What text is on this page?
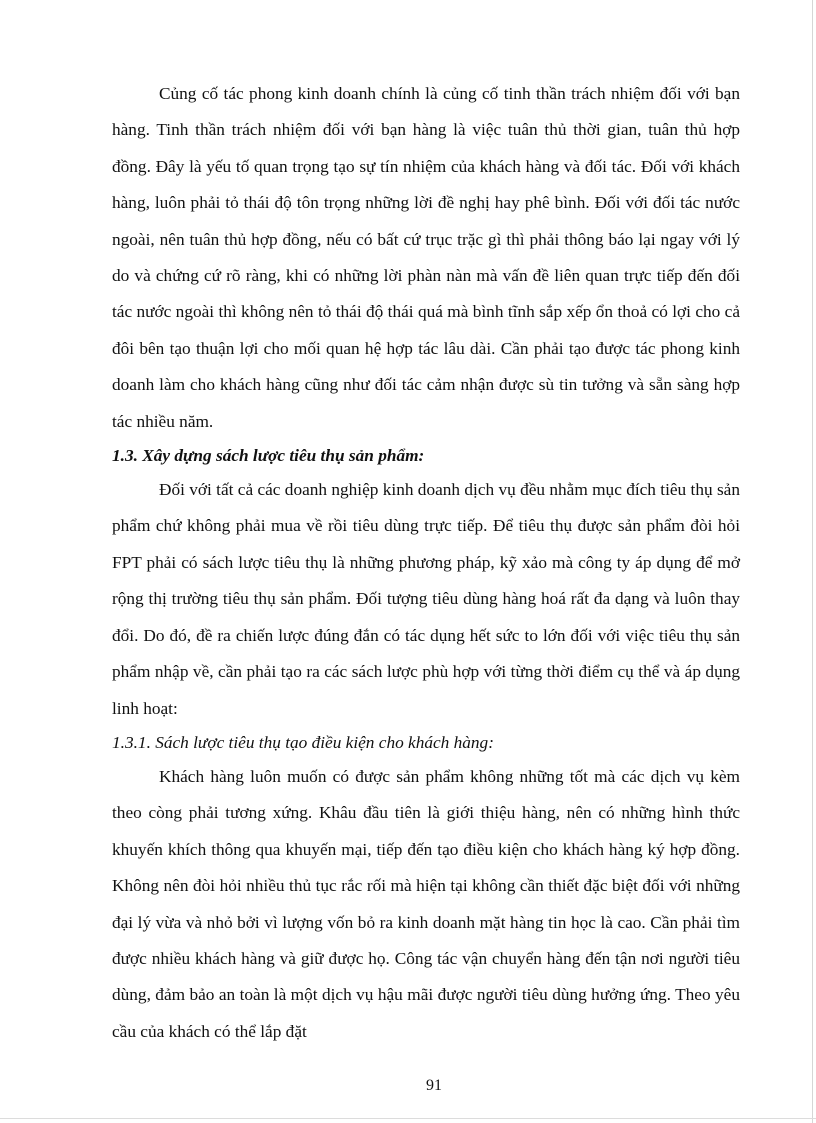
Củng cố tác phong kinh doanh chính là củng cố tinh thần trách nhiệm đối với bạn hàng. Tinh thần trách nhiệm đối với bạn hàng là việc tuân thủ thời gian, tuân thủ hợp đồng. Đây là yếu tố quan trọng tạo sự tín nhiệm của khách hàng và đối tác. Đối với khách hàng, luôn phải tỏ thái độ tôn trọng những lời đề nghị hay phê bình. Đối với đối tác nước ngoài, nên tuân thủ hợp đồng, nếu có bất cứ trục trặc gì thì phải thông báo lại ngay với lý do và chứng cứ rõ ràng, khi có những lời phàn nàn mà vấn đề liên quan trực tiếp đến đối tác nước ngoài thì không nên tỏ thái độ thái quá mà bình tĩnh sắp xếp ổn thoả có lợi cho cả đôi bên tạo thuận lợi cho mối quan hệ hợp tác lâu dài. Cần phải tạo được tác phong kinh doanh làm cho khách hàng cũng như đối tác cảm nhận được sù tin tưởng và sẵn sàng hợp tác nhiều năm.

1.3. Xây dựng sách lược tiêu thụ sản phẩm:

Đối với tất cả các doanh nghiệp kinh doanh dịch vụ đều nhằm mục đích tiêu thụ sản phẩm chứ không phải mua về rồi tiêu dùng trực tiếp. Để tiêu thụ được sản phẩm đòi hỏi FPT phải có sách lược tiêu thụ là những phương pháp, kỹ xảo mà công ty áp dụng để mở rộng thị trường tiêu thụ sản phẩm. Đối tượng tiêu dùng hàng hoá rất đa dạng và luôn thay đổi. Do đó, đề ra chiến lược đúng đắn có tác dụng hết sức to lớn đối với việc tiêu thụ sản phẩm nhập về, cần phải tạo ra các sách lược phù hợp với từng thời điểm cụ thể và áp dụng linh hoạt:

1.3.1. Sách lược tiêu thụ tạo điều kiện cho khách hàng:

Khách hàng luôn muốn có được sản phẩm không những tốt mà các dịch vụ kèm theo còng phải tương xứng. Khâu đầu tiên là giới thiệu hàng, nên có những hình thức khuyến khích thông qua khuyến mại, tiếp đến tạo điều kiện cho khách hàng ký hợp đồng. Không nên đòi hỏi nhiều thủ tục rắc rối mà hiện tại không cần thiết đặc biệt đối với những đại lý vừa và nhỏ bởi vì lượng vốn bỏ ra kinh doanh mặt hàng tin học là cao. Cần phải tìm được nhiều khách hàng và giữ được họ. Công tác vận chuyển hàng đến tận nơi người tiêu dùng, đảm bảo an toàn là một dịch vụ hậu mãi được người tiêu dùng hưởng ứng. Theo yêu cầu của khách có thể lắp đặt

91
